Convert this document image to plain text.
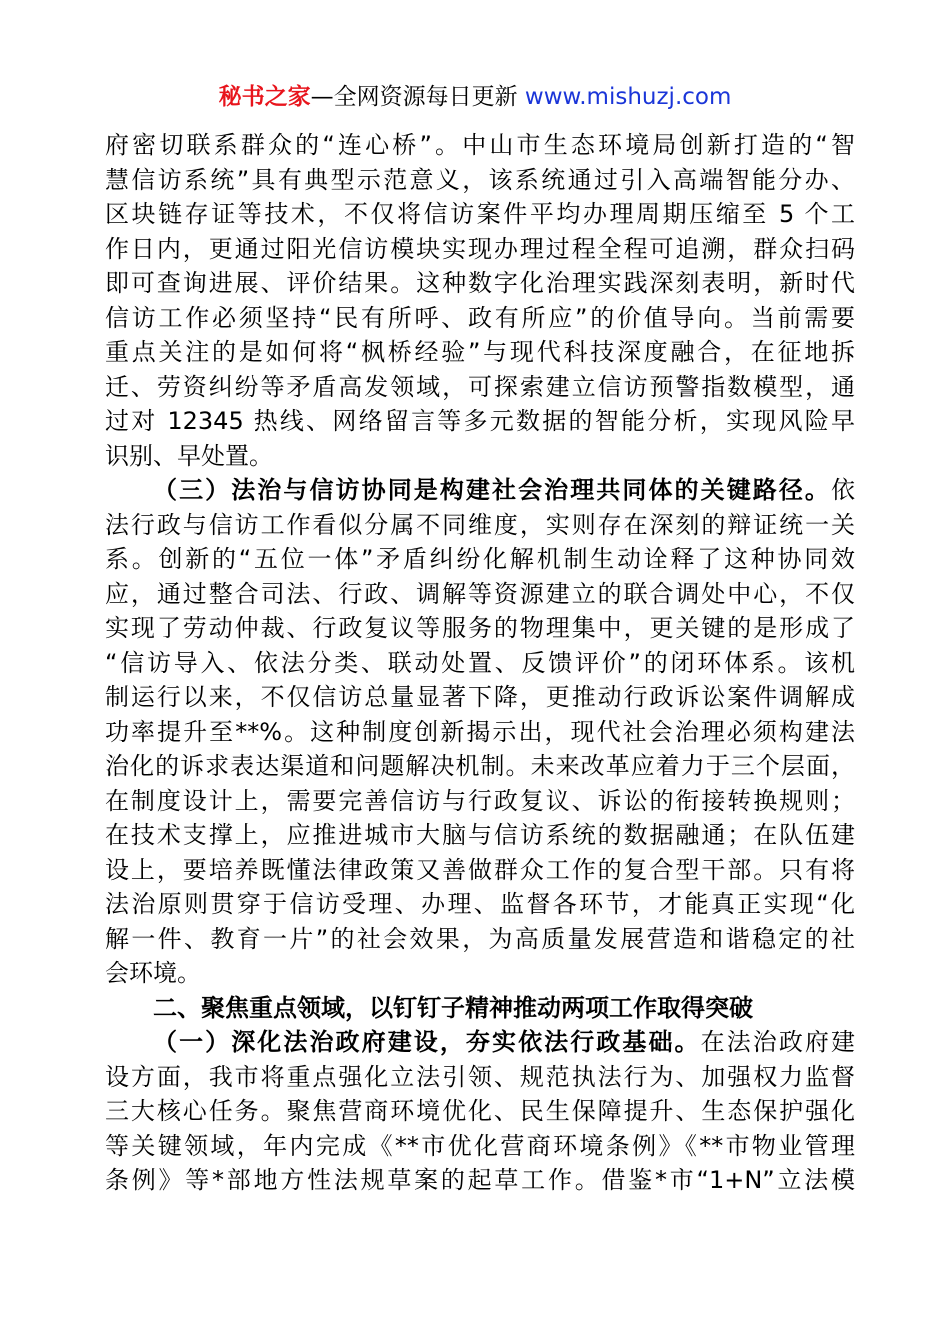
秘书之家—全网资源每日更新 www.mishuzj.com
府密切联系群众的“连心桥”。中山市生态环境局创新打造的“智
慧信访系统”具有典型示范意义，该系统通过引入高端智能分办、
区块链存证等技术，不仅将信访案件平均办理周期压缩至 5 个工
作日内，更通过阳光信访模块实现办理过程全程可追溯，群众扫码
即可查询进展、评价结果。这种数字化治理实践深刻表明，新时代
信访工作必须坚持“民有所呼、政有所应”的价值导向。当前需要
重点关注的是如何将“枫桥经验”与现代科技深度融合，在征地拆
迁、劳资纠纷等矛盾高发领域，可探索建立信访预警指数模型，通
过对 12345 热线、网络留言等多元数据的智能分析，实现风险早
识别、早处置。
（三）法治与信访协同是构建社会治理共同体的关键路径。依
法行政与信访工作看似分属不同维度，实则存在深刻的辩证统一关
系。创新的“五位一体”矛盾纠纷化解机制生动诠释了这种协同效
应，通过整合司法、行政、调解等资源建立的联合调处中心，不仅
实现了劳动仲裁、行政复议等服务的物理集中，更关键的是形成了
“信访导入、依法分类、联动处置、反馈评价”的闭环体系。该机
制运行以来，不仅信访总量显著下降，更推动行政诉讼案件调解成
功率提升至**%。这种制度创新揭示出，现代社会治理必须构建法
治化的诉求表达渠道和问题解决机制。未来改革应着力于三个层面，
在制度设计上，需要完善信访与行政复议、诉讼的衔接转换规则；
在技术支撑上，应推进城市大脑与信访系统的数据融通；在队伍建
设上，要培养既懂法律政策又善做群众工作的复合型干部。只有将
法治原则贯穿于信访受理、办理、监督各环节，才能真正实现“化
解一件、教育一片”的社会效果，为高质量发展营造和谐稳定的社
会环境。
二、聚焦重点领域，以钉钉子精神推动两项工作取得突破
（一）深化法治政府建设，夯实依法行政基础。在法治政府建
设方面，我市将重点强化立法引领、规范执法行为、加强权力监督
三大核心任务。聚焦营商环境优化、民生保障提升、生态保护强化
等关键领域，年内完成《**市优化营商环境条例》《**市物业管理
条例》等*部地方性法规草案的起草工作。借鉴*市“1+N”立法模
